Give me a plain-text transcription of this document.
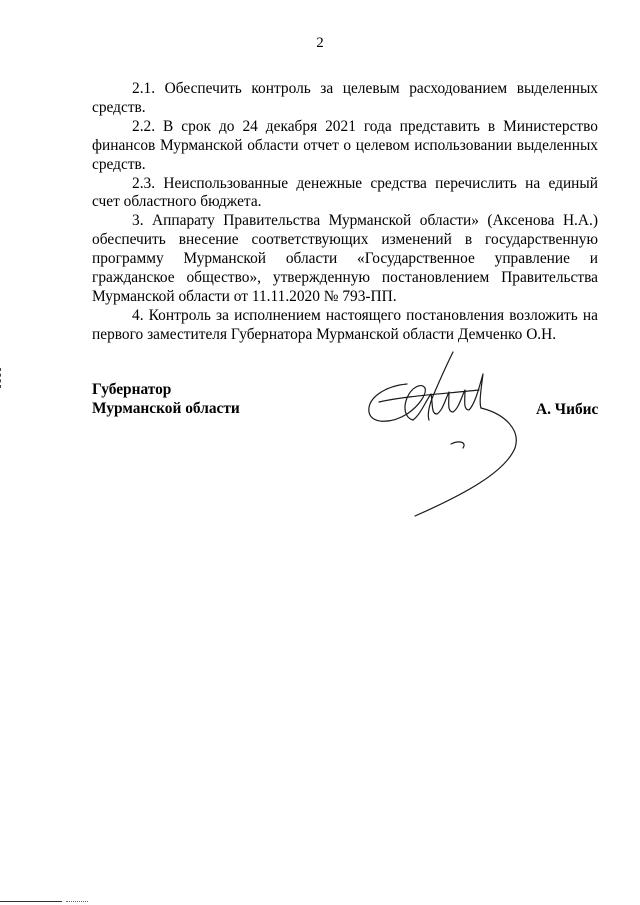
2

2.1. Обеспечить контроль за целевым расходованием выделенных средств.

2.2. В срок до 24 декабря 2021 года представить в Министерство финансов Мурманской области отчет о целевом использовании выделенных средств.

2.3. Неиспользованные денежные средства перечислить на единый счет областного бюджета.

3. Аппарату Правительства Мурманской области» (Аксенова Н.А.) обеспечить внесение соответствующих изменений в государственную программу Мурманской области «Государственное управление и гражданское общество», утвержденную постановлением Правительства Мурманской области от 11.11.2020 № 793-ПП.

4. Контроль за исполнением настоящего постановления возложить на первого заместителя Губернатора Мурманской области Демченко О.Н.

Губернатор
Мурманской области	А. Чибис
